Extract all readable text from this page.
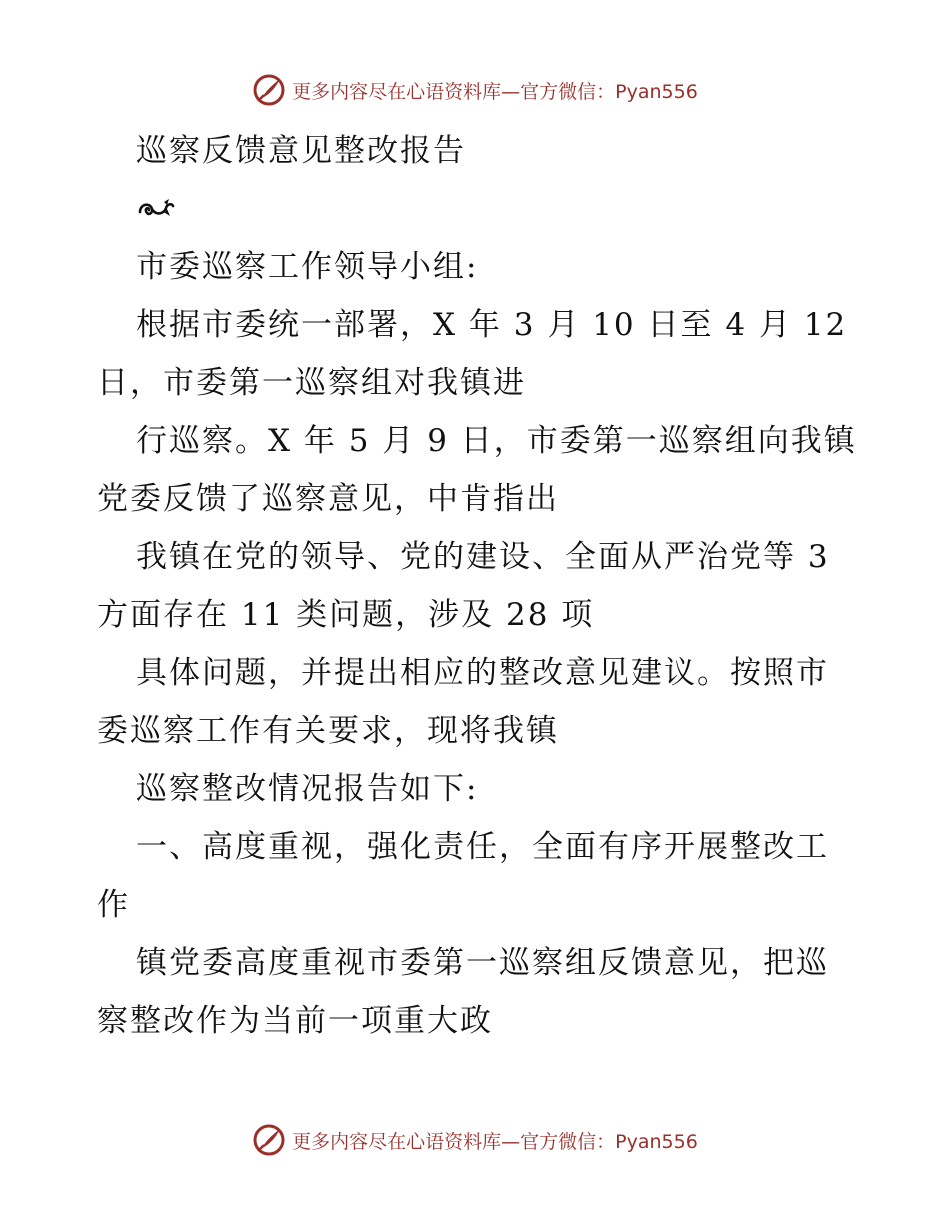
更多内容尽在心语资料库—官方微信：Pyan556
巡察反馈意见整改报告
市委巡察工作领导小组:
根据市委统一部署，X 年 3 月 10 日至 4 月 12
日，市委第一巡察组对我镇进
行巡察。X 年 5 月 9 日，市委第一巡察组向我镇
党委反馈了巡察意见，中肯指出
我镇在党的领导、党的建设、全面从严治党等 3
方面存在 11 类问题，涉及 28 项
具体问题，并提出相应的整改意见建议。按照市
委巡察工作有关要求，现将我镇
巡察整改情况报告如下:
一、高度重视，强化责任，全面有序开展整改工
作
镇党委高度重视市委第一巡察组反馈意见，把巡
察整改作为当前一项重大政
更多内容尽在心语资料库—官方微信：Pyan556
